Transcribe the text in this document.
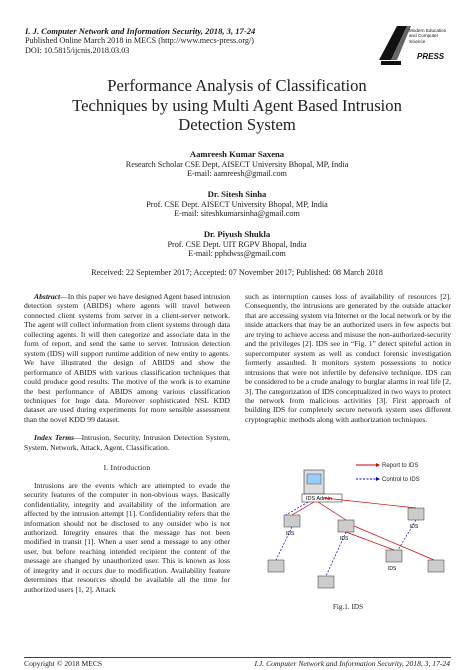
I. J. Computer Network and Information Security, 2018, 3, 17-24
Published Online March 2018 in MECS (http://www.mecs-press.org/)
DOI: 10.5815/ijcnis.2018.03.03
Modern Education
and Computer Science
PRESS
Performance Analysis of Classification
Techniques by using Multi Agent Based Intrusion
Detection System
Aamreesh Kumar Saxena
Research Scholar CSE Dept, AISECT University Bhopal, MP, India
E-mail: aamreesh@gmail.com
Dr. Sitesh Sinha
Prof. CSE Dept. AISECT University Bhopal, MP, India
E-mail: siteshkumarsinha@gmail.com
Dr. Piyush Shukla
Prof. CSE Dept. UIT RGPV Bhopal, India
E-mail: pphdwss@gmail.com
Received: 22 September 2017; Accepted: 07 November 2017; Published: 08 March 2018

Abstract—In this paper we have designed Agent based intrusion detection system (ABIDS) where agents will travel between connected client systems from server in a client-server network. The agent will collect information from client systems through data collecting agents. It will then categorize and associate data in the form of report, and send the same to server. Intrusion detection system (IDS) will support runtime addition of new entity to agents. We have illustrated the design of ABIDS and show the performance of ABIDS with various classification techniques that could produce good results. The motive of the work is to examine the best performance of ABIDS among various classification techniques for huge data. Moreover sophisticated NSL KDD dataset are used during experiments for more sensible assessment than the novel KDD 99 dataset.

Index Terms—Intrusion, Security, Intrusion Detection System, System, Network, Attack, Agent, Classification.

I. Introduction

Intrusions are the events which are attempted to evade the security features of the computer in non-obvious ways. Basically confidentiality, integrity and availability of the information are affected by the intrusion attempt [1]. Confidentiality refers that the information should not be disclosed to any outsider who is not authorized. Integrity ensures that the message has not been modified in transit [1]. When a user send a message to any other user, but before reaching intended recipient the content of the message are changed by unauthorized user. This is known as loss of integrity and it occurs due to modification. Availability feature determines that resources should be available all the time for authorized users [1, 2]. Attack

such as interruption causes loss of availability of resources [2]. Consequently, the intrusions are generated by the outside attacker that are accessing system via Internet or the local network or by the inside attackers that may be an authorized users in few aspects but are trying to achieve access and misuse the non-authorized-security and the privileges [2]. IDS see in “Fig. 1” detect spiteful action in supercomputer system as well as conduct forensic investigation formerly assaulted. It monitors system possessions to notice intrusions that were not infertile by defensive technique. IDS can be considered to be a crude analogy to burglar alarms in real life [2, 3]. The categorization of IDS conceptualized in two ways to protect the network from malicious activities [3]. First approach of building IDS for completely secure network system uses different cryptographic methods along with authorization techniques.

Report to IDS
Control to IDS
IDS Admin
IDS
IDS
IDS
IDS
Fig.1. IDS
Copyright © 2018 MECS	I.J. Computer Network and Information Security, 2018, 3, 17-24
